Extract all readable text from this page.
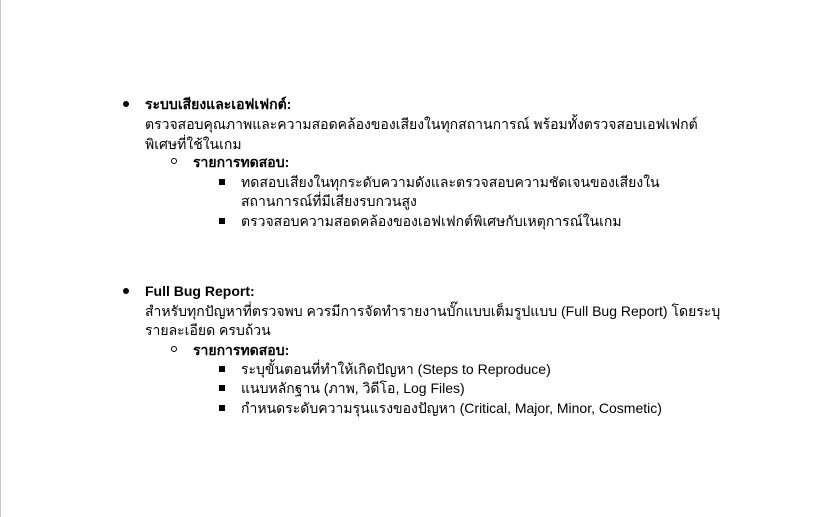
ระบบเสียงและเอฟเฟกต์:
ตรวจสอบคุณภาพและความสอดคล้องของเสียงในทุกสถานการณ์ พร้อมทั้งตรวจสอบเอฟเฟกต์
พิเศษที่ใช้ในเกม
รายการทดสอบ:
ทดสอบเสียงในทุกระดับความดังและตรวจสอบความชัดเจนของเสียงใน
สถานการณ์ที่มีเสียงรบกวนสูง
ตรวจสอบความสอดคล้องของเอฟเฟกต์พิเศษกับเหตุการณ์ในเกม
Full Bug Report:
สำหรับทุกปัญหาที่ตรวจพบ ควรมีการจัดทำรายงานบั๊กแบบเต็มรูปแบบ (Full Bug Report) โดยระบุ
รายละเอียด ครบถ้วน
รายการทดสอบ:
ระบุขั้นตอนที่ทำให้เกิดปัญหา (Steps to Reproduce)
แนบหลักฐาน (ภาพ, วิดีโอ, Log Files)
กำหนดระดับความรุนแรงของปัญหา (Critical, Major, Minor, Cosmetic)
